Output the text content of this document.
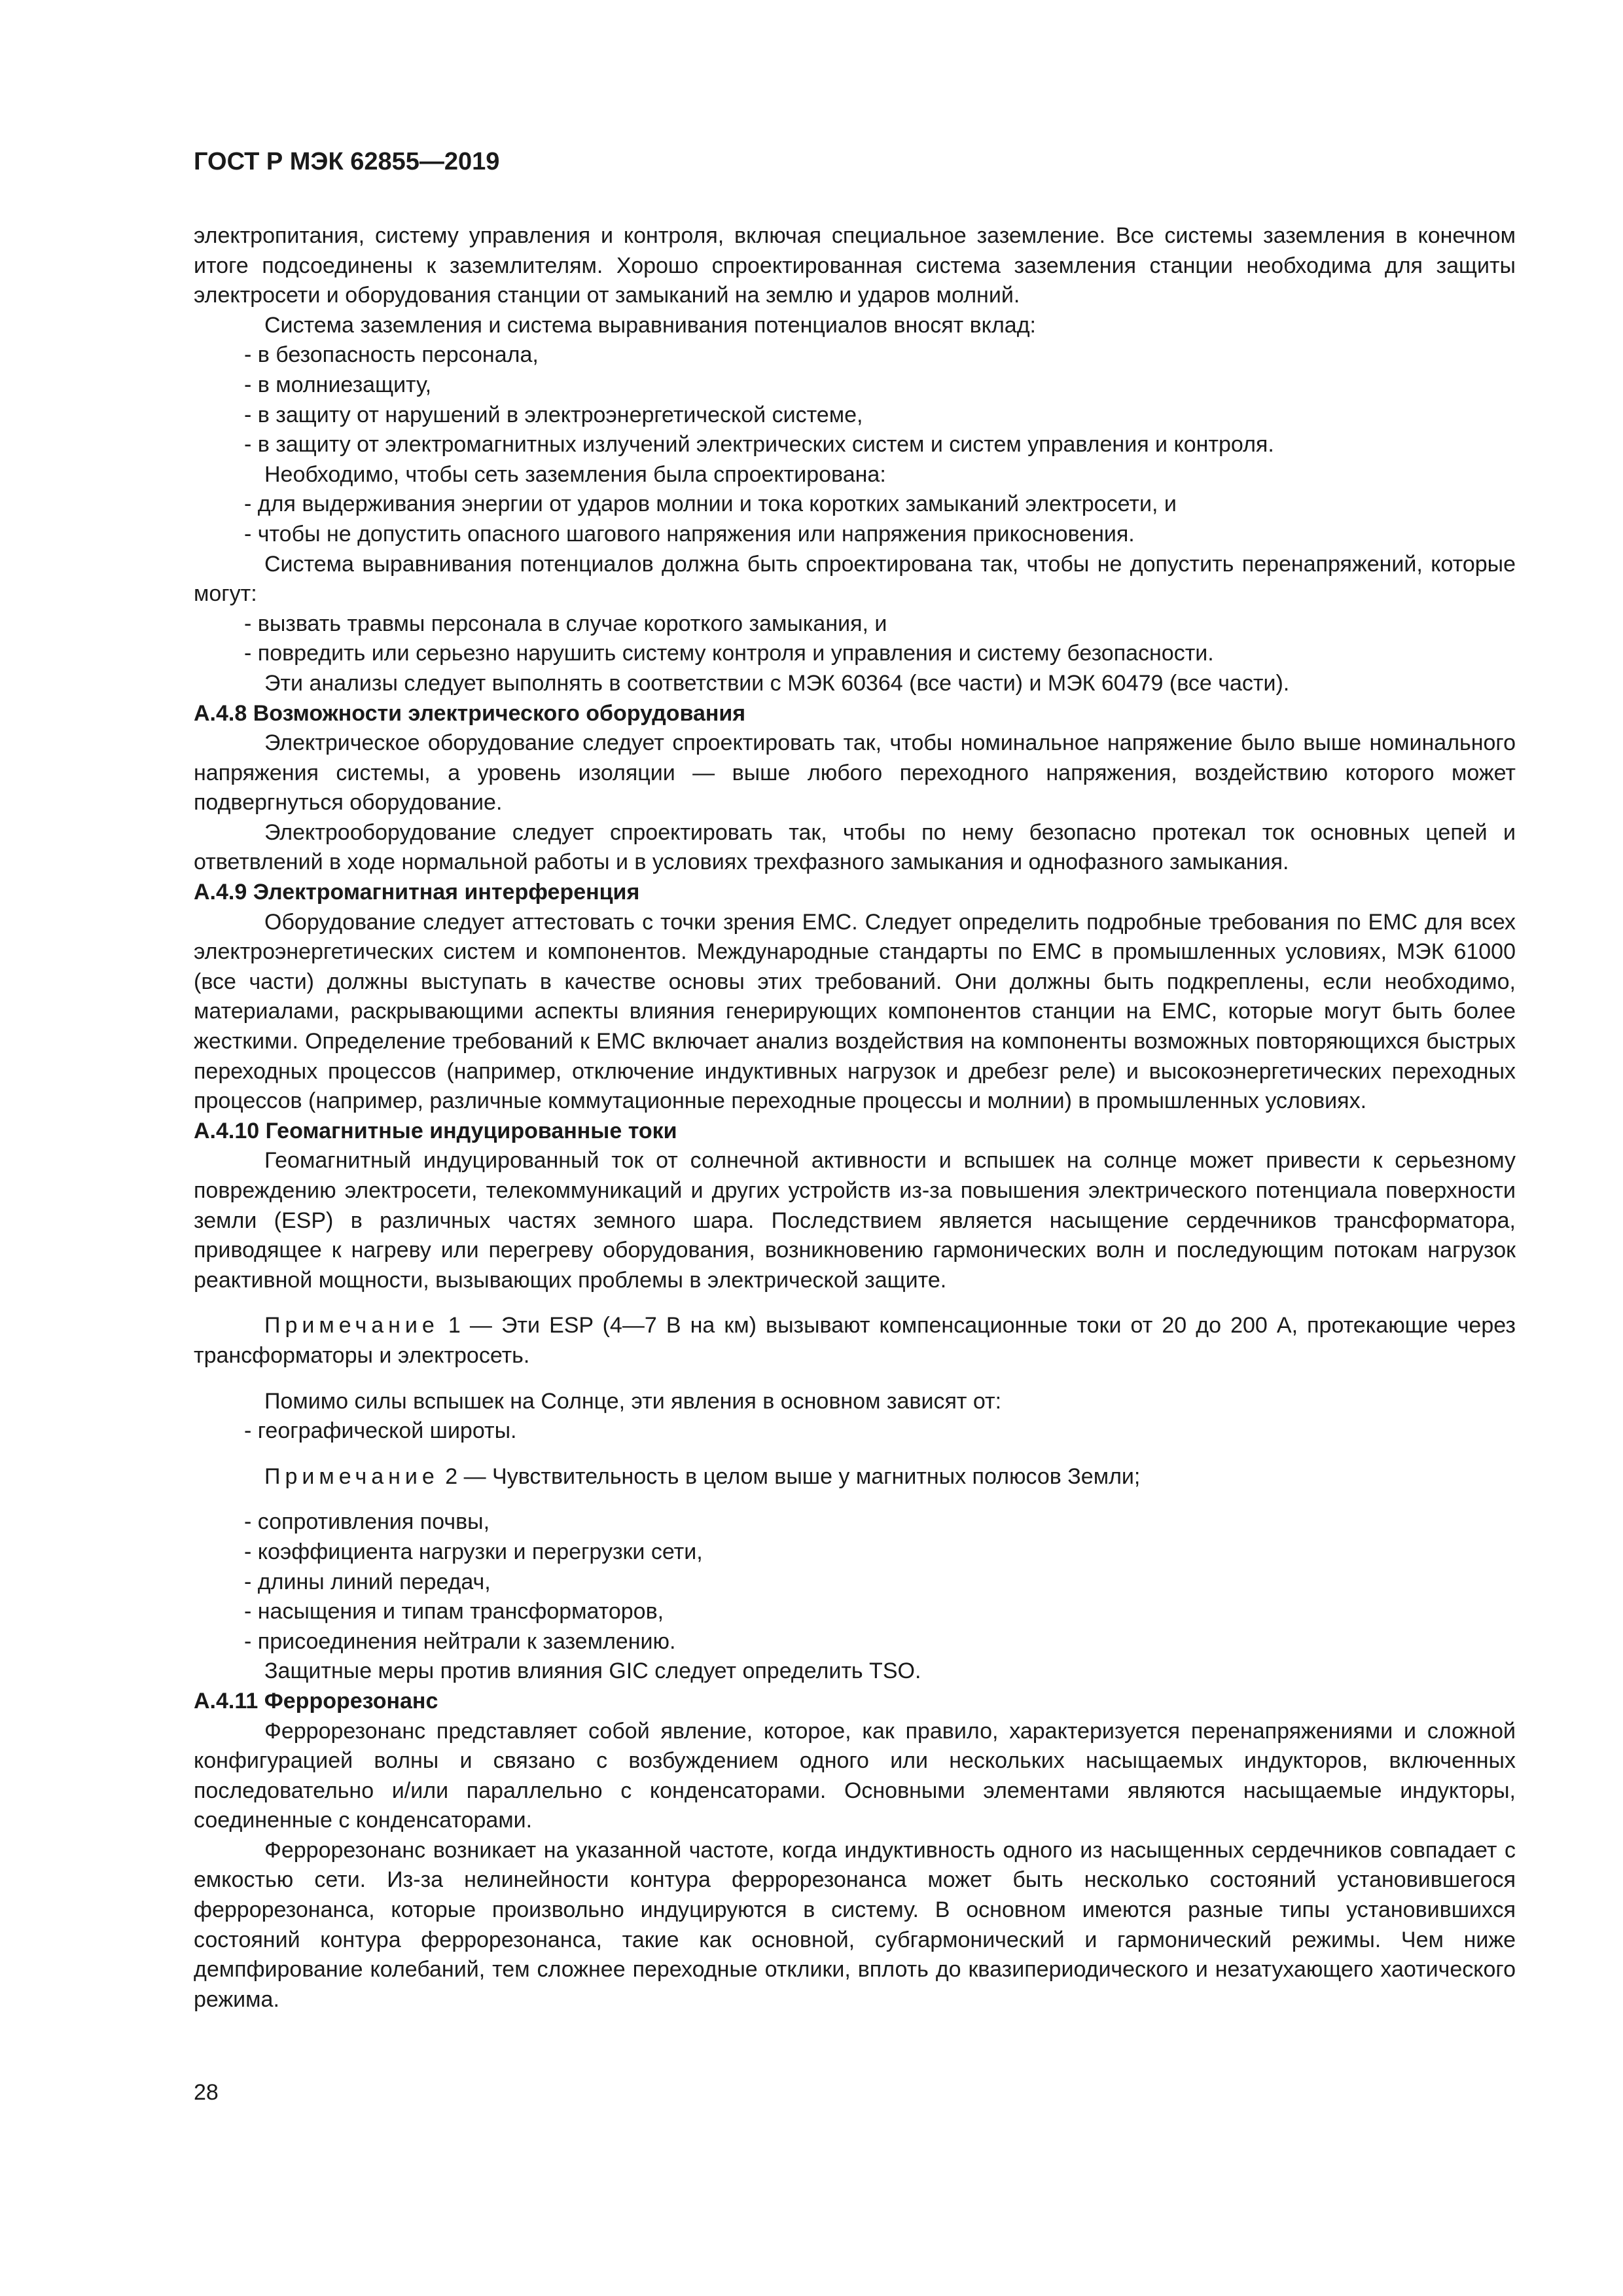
ГОСТ Р МЭК 62855—2019

электропитания, систему управления и контроля, включая специальное заземление. Все системы заземления в конечном итоге подсоединены к заземлителям. Хорошо спроектированная система заземления станции необходима для защиты электросети и оборудования станции от замыканий на землю и ударов молний.

Система заземления и система выравнивания потенциалов вносят вклад:

- в безопасность персонала,

- в молниезащиту,

- в защиту от нарушений в электроэнергетической системе,

- в защиту от электромагнитных излучений электрических систем и систем управления и контроля.

Необходимо, чтобы сеть заземления была спроектирована:

- для выдерживания энергии от ударов молнии и тока коротких замыканий электросети, и

- чтобы не допустить опасного шагового напряжения или напряжения прикосновения.

Система выравнивания потенциалов должна быть спроектирована так, чтобы не допустить перенапряжений, которые могут:

- вызвать травмы персонала в случае короткого замыкания, и

- повредить или серьезно нарушить систему контроля и управления и систему безопасности.

Эти анализы следует выполнять в соответствии с МЭК 60364 (все части) и МЭК 60479 (все части).

А.4.8 Возможности электрического оборудования

Электрическое оборудование следует спроектировать так, чтобы номинальное напряжение было выше номинального напряжения системы, а уровень изоляции — выше любого переходного напряжения, воздействию которого может подвергнуться оборудование.

Электрооборудование следует спроектировать так, чтобы по нему безопасно протекал ток основных цепей и ответвлений в ходе нормальной работы и в условиях трехфазного замыкания и однофазного замыкания.

А.4.9 Электромагнитная интерференция

Оборудование следует аттестовать с точки зрения ЕМС. Следует определить подробные требования по ЕМС для всех электроэнергетических систем и компонентов. Международные стандарты по ЕМС в промышленных условиях, МЭК 61000 (все части) должны выступать в качестве основы этих требований. Они должны быть подкреплены, если необходимо, материалами, раскрывающими аспекты влияния генерирующих компонентов станции на ЕМС, которые могут быть более жесткими. Определение требований к ЕМС включает анализ воздействия на компоненты возможных повторяющихся быстрых переходных процессов (например, отключение индуктивных нагрузок и дребезг реле) и высокоэнергетических переходных процессов (например, различные коммутационные переходные процессы и молнии) в промышленных условиях.

А.4.10 Геомагнитные индуцированные токи

Геомагнитный индуцированный ток от солнечной активности и вспышек на солнце может привести к серьезному повреждению электросети, телекоммуникаций и других устройств из-за повышения электрического потенциала поверхности земли (ESP) в различных частях земного шара. Последствием является насыщение сердечников трансформатора, приводящее к нагреву или перегреву оборудования, возникновению гармонических волн и последующим потокам нагрузок реактивной мощности, вызывающих проблемы в электрической защите.

Примечание 1 — Эти ESP (4—7 В на км) вызывают компенсационные токи от 20 до 200 А, протекающие через трансформаторы и электросеть.

Помимо силы вспышек на Солнце, эти явления в основном зависят от:

- географической широты.

Примечание 2 — Чувствительность в целом выше у магнитных полюсов Земли;

- сопротивления почвы,

- коэффициента нагрузки и перегрузки сети,

- длины линий передач,

- насыщения и типам трансформаторов,

- присоединения нейтрали к заземлению.

Защитные меры против влияния GIC следует определить TSO.

А.4.11 Феррорезонанс

Феррорезонанс представляет собой явление, которое, как правило, характеризуется перенапряжениями и сложной конфигурацией волны и связано с возбуждением одного или нескольких насыщаемых индукторов, включенных последовательно и/или параллельно с конденсаторами. Основными элементами являются насыщаемые индукторы, соединенные с конденсаторами.

Феррорезонанс возникает на указанной частоте, когда индуктивность одного из насыщенных сердечников совпадает с емкостью сети. Из-за нелинейности контура феррорезонанса может быть несколько состояний установившегося феррорезонанса, которые произвольно индуцируются в систему. В основном имеются разные типы установившихся состояний контура феррорезонанса, такие как основной, субгармонический и гармонический режимы. Чем ниже демпфирование колебаний, тем сложнее переходные отклики, вплоть до квазипериодического и незатухающего хаотического режима.

28
